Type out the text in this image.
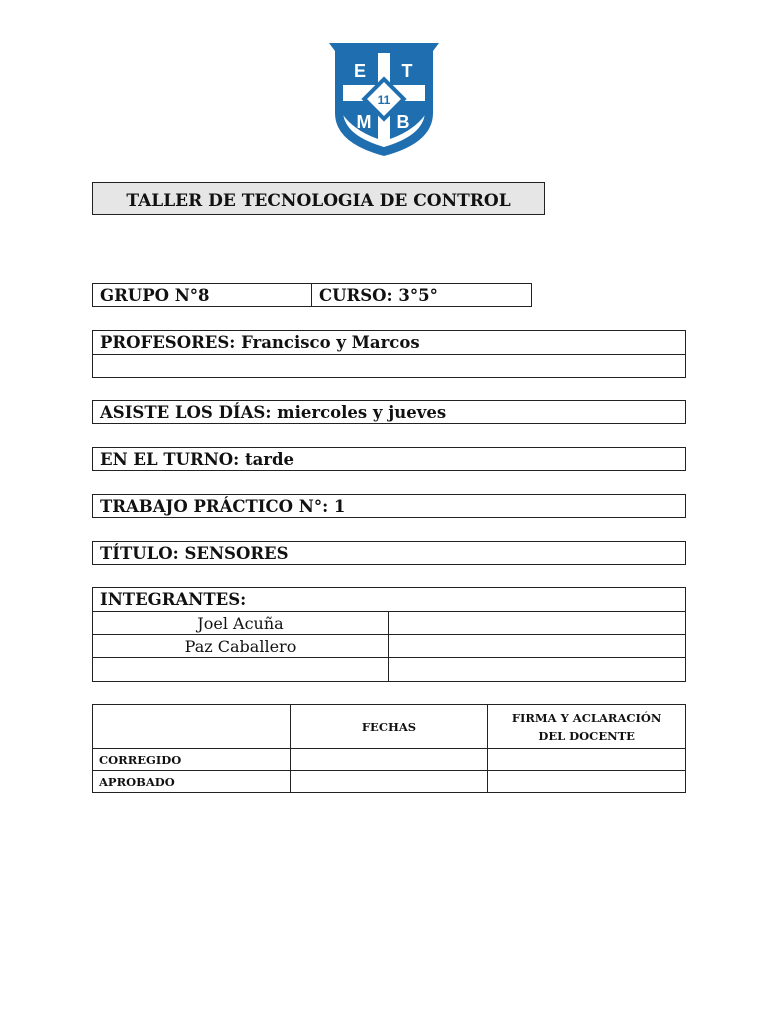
E T
M B
11
TALLER DE TECNOLOGIA DE CONTROL
GRUPO N°8	CURSO: 3°5°
PROFESORES: Francisco y Marcos
ASISTE LOS DÍAS: miercoles y jueves
EN EL TURNO: tarde
TRABAJO PRÁCTICO N°: 1
TÍTULO: SENSORES
INTEGRANTES:
Joel Acuña
Paz Caballero
	FECHAS	FIRMA Y ACLARACIÓN
DEL DOCENTE
CORREGIDO		
APROBADO		
